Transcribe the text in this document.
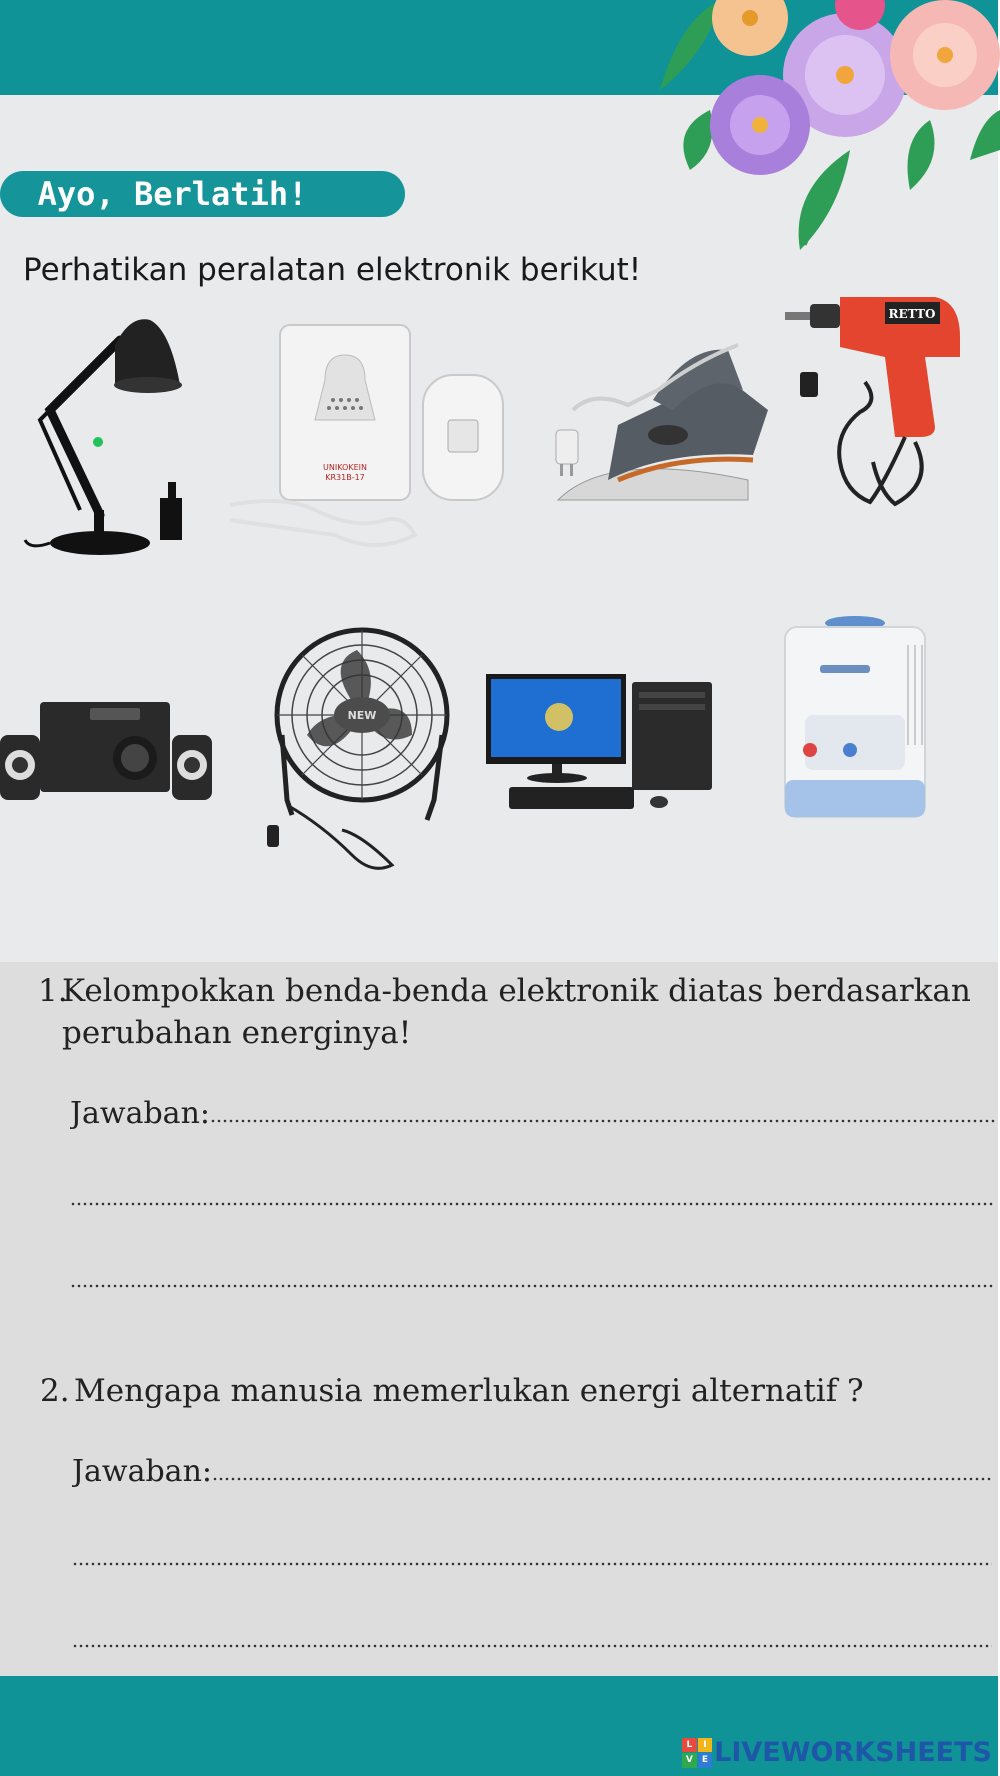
Ayo, Berlatih!
Perhatikan peralatan elektronik berikut!
UNIKOKEIN
KR31B-17
RETTO
NEW
1.
Kelompokkan benda-benda elektronik diatas berdasarkan
perubahan energinya!
Jawaban:
2. Mengapa manusia memerlukan energi alternatif ?
Jawaban:
L	I
V E LIVEWORKSHEETS
